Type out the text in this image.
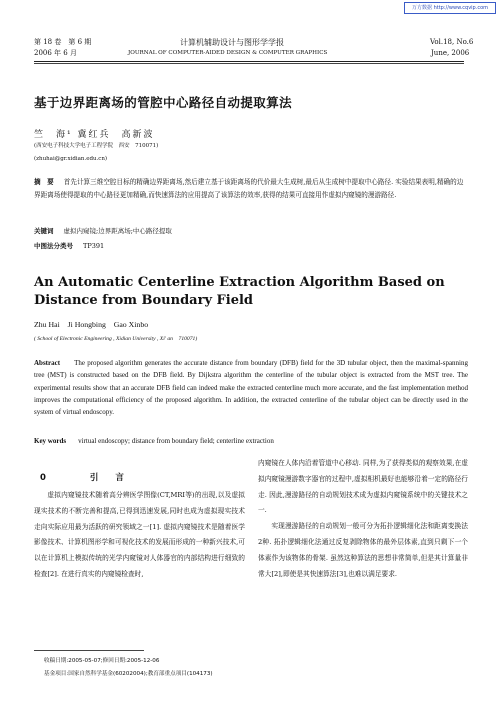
万方数据 http://www.cqvip.com
第 18 卷　第 6 期
2006 年 6 月
计算机辅助设计与图形学学报
JOURNAL OF COMPUTER-AIDED DESIGN & COMPUTER GRAPHICS
Vol.18, No.6
June, 2006
基于边界距离场的管腔中心路径自动提取算法
竺　海¹ 冀红兵　高新波
(西安电子科技大学电子工程学院　西安　710071)
(zhuhai@gr.xidian.edu.cn)
摘　要 首先计算三维空腔目标的精确边界距离场,然后建立基于该距离场的代价最大生成树,最后从生成树中提取中心路径. 实验结果表明,精确的边界距离场使得提取的中心路径更加精确,而快速算法的应用提高了该算法的效率,获得的结果可直接用作虚拟内窥镜的漫游路径.
关键词 虚拟内窥镜;边界距离场;中心路径提取
中图法分类号 TP391
An Automatic Centerline Extraction Algorithm Based on Distance from Boundary Field
Zhu Hai　Ji Hongbing　Gao Xinbo
( School of Electronic Engineering , Xidian University , Xi' an　710071)
Abstract The proposed algorithm generates the accurate distance from boundary (DFB) field for the 3D tubular object, then the maximal-spanning tree (MST) is constructed based on the DFB field. By Dijkstra algorithm the centerline of the tubular object is extracted from the MST tree. The experimental results show that an accurate DFB field can indeed make the extracted centerline much more accurate, and the fast implementation method improves the computational efficiency of the proposed algorithm. In addition, the extracted centerline of the tubular object can be directly used in the system of virtual endoscopy.
Key words virtual endoscopy; distance from boundary field; centerline extraction
0	引　　言

虚拟内窥镜技术随着高分辨医学图像(CT,MRI等)的出现,以及虚拟现实技术的不断完善和提高,已得到迅速发展,同时也成为虚拟现实技术走向实际应用最为活跃的研究领域之一[1]. 虚拟内窥镜技术是随着医学影像技术、计算机图形学和可视化技术的发展而形成的一种新兴技术,可以在计算机上模拟传统的光学内窥镜对人体器官的内部结构进行细致的检查[2]. 在进行真实的内窥镜检查时,

内窥镜在人体内沿着管道中心移动. 同样,为了获得类似的观察效果,在虚拟内窥镜漫游数字器官的过程中,虚拟相机最好也能够沿着一定的路径行走. 因此,漫游路径的自动规划技术成为虚拟内窥镜系统中的关键技术之一.

实现漫游路径的自动规划一般可分为拓扑逻辑细化法和距离变换法2种. 拓扑逻辑细化法通过反复剥除物体的最外层体素,直到只剩下一个体素作为该物体的骨架. 虽然这种算法的思想非常简单,但是其计算量非常大[2],即使是其快速算法[3],也难以满足要求.

收稿日期:2005-05-07;修回日期:2005-12-06
基金项目:国家自然科学基金(60202004);教育部重点项目(104173)
